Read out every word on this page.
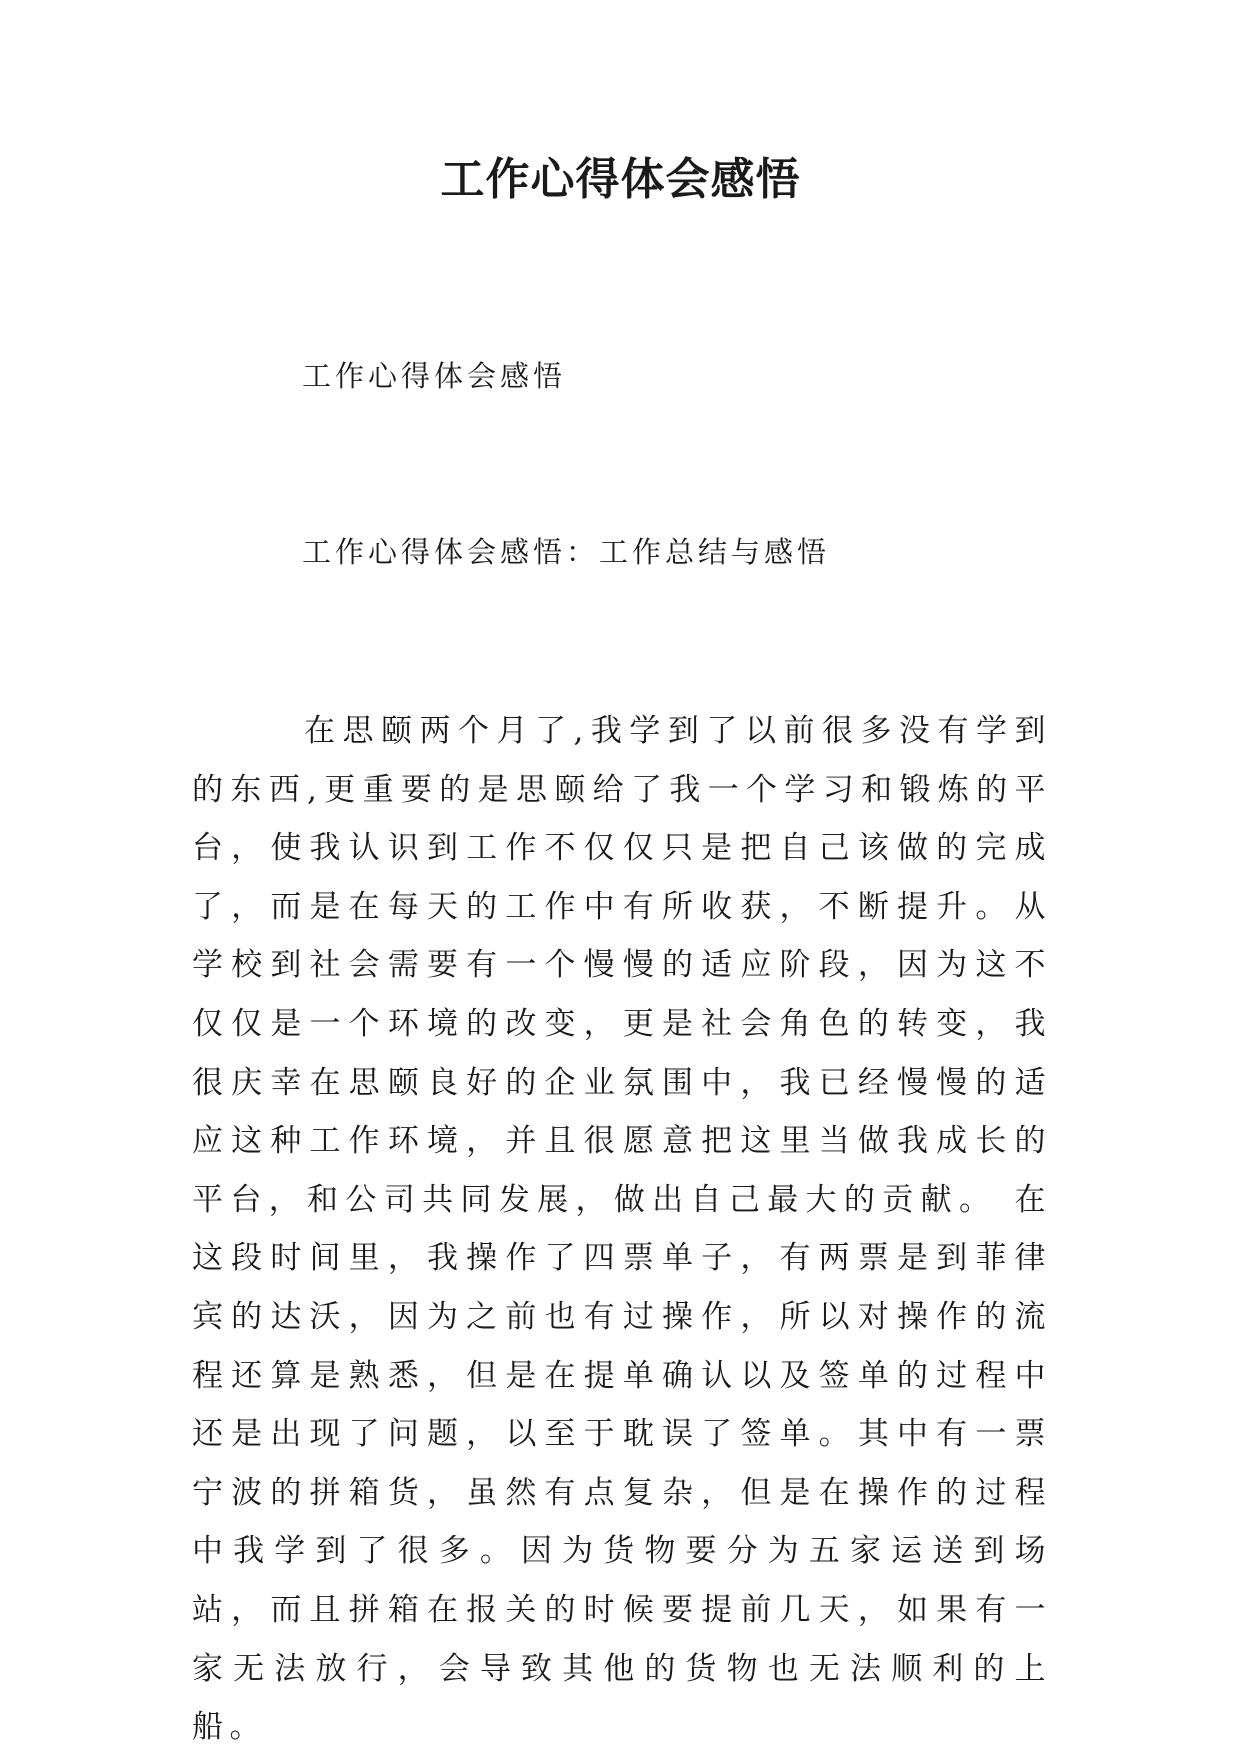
工作心得体会感悟

工作心得体会感悟

工作心得体会感悟：工作总结与感悟

在思颐两个月了,我学到了以前很多没有学到的东西,更重要的是思颐给了我一个学习和锻炼的平台，使我认识到工作不仅仅只是把自己该做的完成了，而是在每天的工作中有所收获，不断提升。从学校到社会需要有一个慢慢的适应阶段，因为这不仅仅是一个环境的改变，更是社会角色的转变，我很庆幸在思颐良好的企业氛围中，我已经慢慢的适应这种工作环境，并且很愿意把这里当做我成长的平台，和公司共同发展，做出自己最大的贡献。 在这段时间里，我操作了四票单子，有两票是到菲律宾的达沃，因为之前也有过操作，所以对操作的流程还算是熟悉，但是在提单确认以及签单的过程中还是出现了问题，以至于耽误了签单。其中有一票宁波的拼箱货，虽然有点复杂，但是在操作的过程中我学到了很多。因为货物要分为五家运送到场站，而且拼箱在报关的时候要提前几天，如果有一家无法放行，会导致其他的货物也无法顺利的上船。
